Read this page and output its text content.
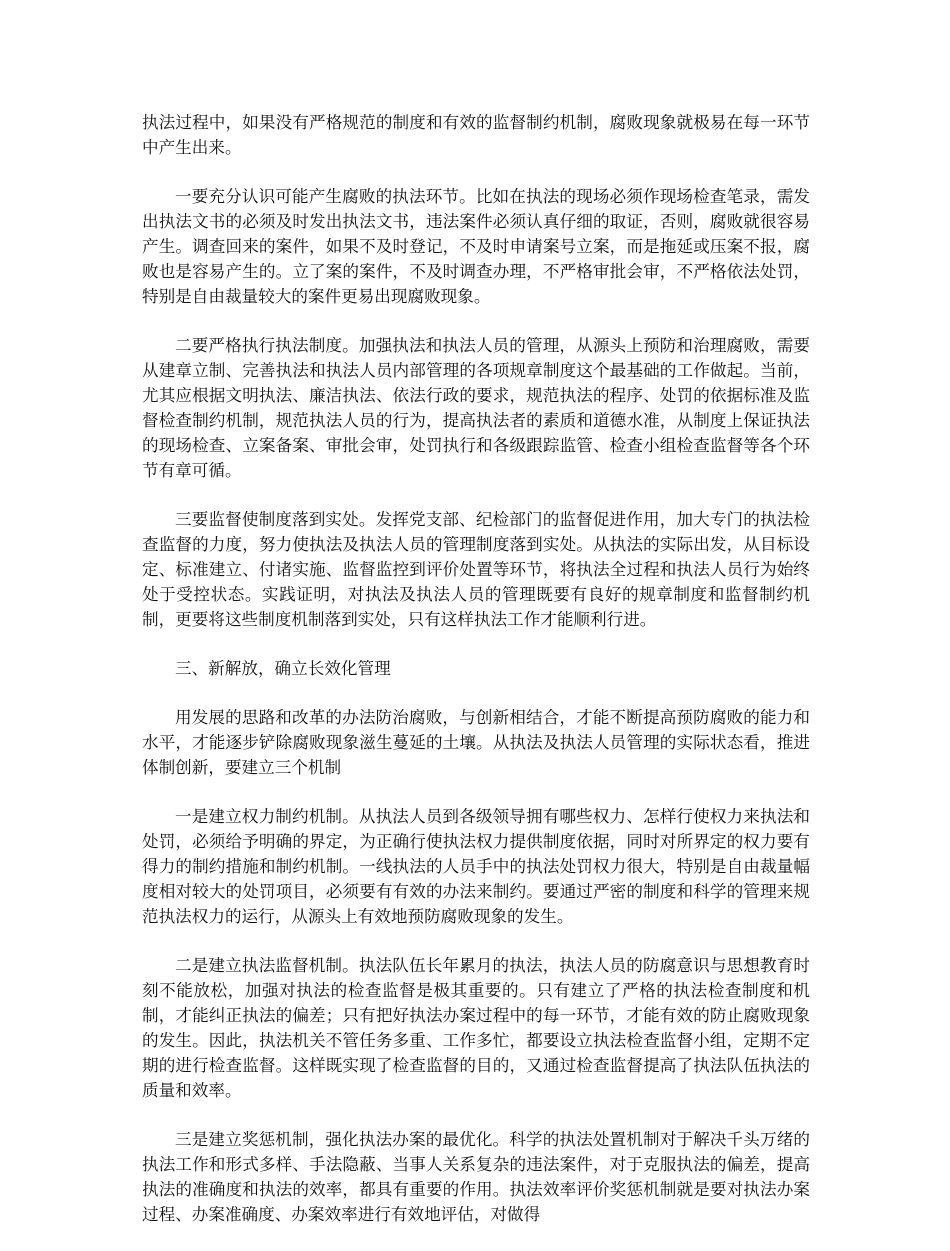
执法过程中，如果没有严格规范的制度和有效的监督制约机制，腐败现象就极易在每一环节中产生出来。

一要充分认识可能产生腐败的执法环节。比如在执法的现场必须作现场检查笔录，需发出执法文书的必须及时发出执法文书，违法案件必须认真仔细的取证，否则，腐败就很容易产生。调查回来的案件，如果不及时登记，不及时申请案号立案，而是拖延或压案不报，腐败也是容易产生的。立了案的案件，不及时调查办理，不严格审批会审，不严格依法处罚，特别是自由裁量较大的案件更易出现腐败现象。

二要严格执行执法制度。加强执法和执法人员的管理，从源头上预防和治理腐败，需要从建章立制、完善执法和执法人员内部管理的各项规章制度这个最基础的工作做起。当前，尤其应根据文明执法、廉洁执法、依法行政的要求，规范执法的程序、处罚的依据标准及监督检查制约机制，规范执法人员的行为，提高执法者的素质和道德水准，从制度上保证执法的现场检查、立案备案、审批会审，处罚执行和各级跟踪监管、检查小组检查监督等各个环节有章可循。

三要监督使制度落到实处。发挥党支部、纪检部门的监督促进作用，加大专门的执法检查监督的力度，努力使执法及执法人员的管理制度落到实处。从执法的实际出发，从目标设定、标准建立、付诸实施、监督监控到评价处置等环节，将执法全过程和执法人员行为始终处于受控状态。实践证明，对执法及执法人员的管理既要有良好的规章制度和监督制约机制，更要将这些制度机制落到实处，只有这样执法工作才能顺利行进。

三、新解放，确立长效化管理

用发展的思路和改革的办法防治腐败，与创新相结合，才能不断提高预防腐败的能力和水平，才能逐步铲除腐败现象滋生蔓延的土壤。从执法及执法人员管理的实际状态看，推进体制创新，要建立三个机制

一是建立权力制约机制。从执法人员到各级领导拥有哪些权力、怎样行使权力来执法和处罚，必须给予明确的界定，为正确行使执法权力提供制度依据，同时对所界定的权力要有得力的制约措施和制约机制。一线执法的人员手中的执法处罚权力很大，特别是自由裁量幅度相对较大的处罚项目，必须要有有效的办法来制约。要通过严密的制度和科学的管理来规范执法权力的运行，从源头上有效地预防腐败现象的发生。

二是建立执法监督机制。执法队伍长年累月的执法，执法人员的防腐意识与思想教育时刻不能放松，加强对执法的检查监督是极其重要的。只有建立了严格的执法检查制度和机制，才能纠正执法的偏差；只有把好执法办案过程中的每一环节，才能有效的防止腐败现象的发生。因此，执法机关不管任务多重、工作多忙，都要设立执法检查监督小组，定期不定期的进行检查监督。这样既实现了检查监督的目的，又通过检查监督提高了执法队伍执法的质量和效率。

三是建立奖惩机制，强化执法办案的最优化。科学的执法处置机制对于解决千头万绪的执法工作和形式多样、手法隐蔽、当事人关系复杂的违法案件，对于克服执法的偏差，提高执法的准确度和执法的效率，都具有重要的作用。执法效率评价奖惩机制就是要对执法办案过程、办案准确度、办案效率进行有效地评估，对做得
